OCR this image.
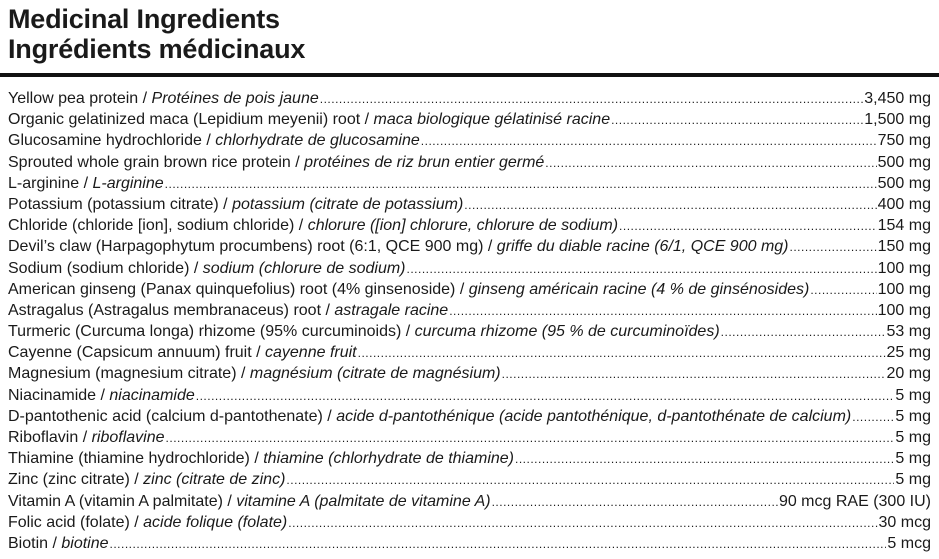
Medicinal Ingredients
Ingrédients médicinaux
Yellow pea protein / Protéines de pois jaune .....	3,450 mg
Organic gelatinized maca (Lepidium meyenii) root / maca biologique gélatinisé racine .....	1,500 mg
Glucosamine hydrochloride / chlorhydrate de glucosamine .....	750 mg
Sprouted whole grain brown rice protein / protéines de riz brun entier germé .....	500 mg
L-arginine / L-arginine .....	500 mg
Potassium (potassium citrate) / potassium (citrate de potassium) .....	400 mg
Chloride (chloride [ion], sodium chloride) / chlorure ([ion] chlorure, chlorure de sodium) .....	154 mg
Devil’s claw (Harpagophytum procumbens) root (6:1, QCE 900 mg) / griffe du diable racine (6/1, QCE 900 mg) .....	150 mg
Sodium (sodium chloride) / sodium (chlorure de sodium) .....	100 mg
American ginseng (Panax quinquefolius) root (4% ginsenoside) / ginseng américain racine (4 % de ginsénosides) .....	100 mg
Astragalus (Astragalus membranaceus) root / astragale racine .....	100 mg
Turmeric (Curcuma longa) rhizome (95% curcuminoids) / curcuma rhizome (95 % de curcuminoïdes) .....	53 mg
Cayenne (Capsicum annuum) fruit / cayenne fruit .....	25 mg
Magnesium (magnesium citrate) / magnésium (citrate de magnésium) .....	20 mg
Niacinamide / niacinamide .....	5 mg
D-pantothenic acid (calcium d-pantothenate) / acide d-pantothénique (acide pantothénique, d-pantothénate de calcium) .....	5 mg
Riboflavin / riboflavine .....	5 mg
Thiamine (thiamine hydrochloride) / thiamine (chlorhydrate de thiamine) .....	5 mg
Zinc (zinc citrate) / zinc (citrate de zinc) .....	5 mg
Vitamin A (vitamin A palmitate) / vitamine A (palmitate de vitamine A) .....	90 mcg RAE (300 IU)
Folic acid (folate) / acide folique (folate) .....	30 mcg
Biotin / biotine .....	5 mcg
